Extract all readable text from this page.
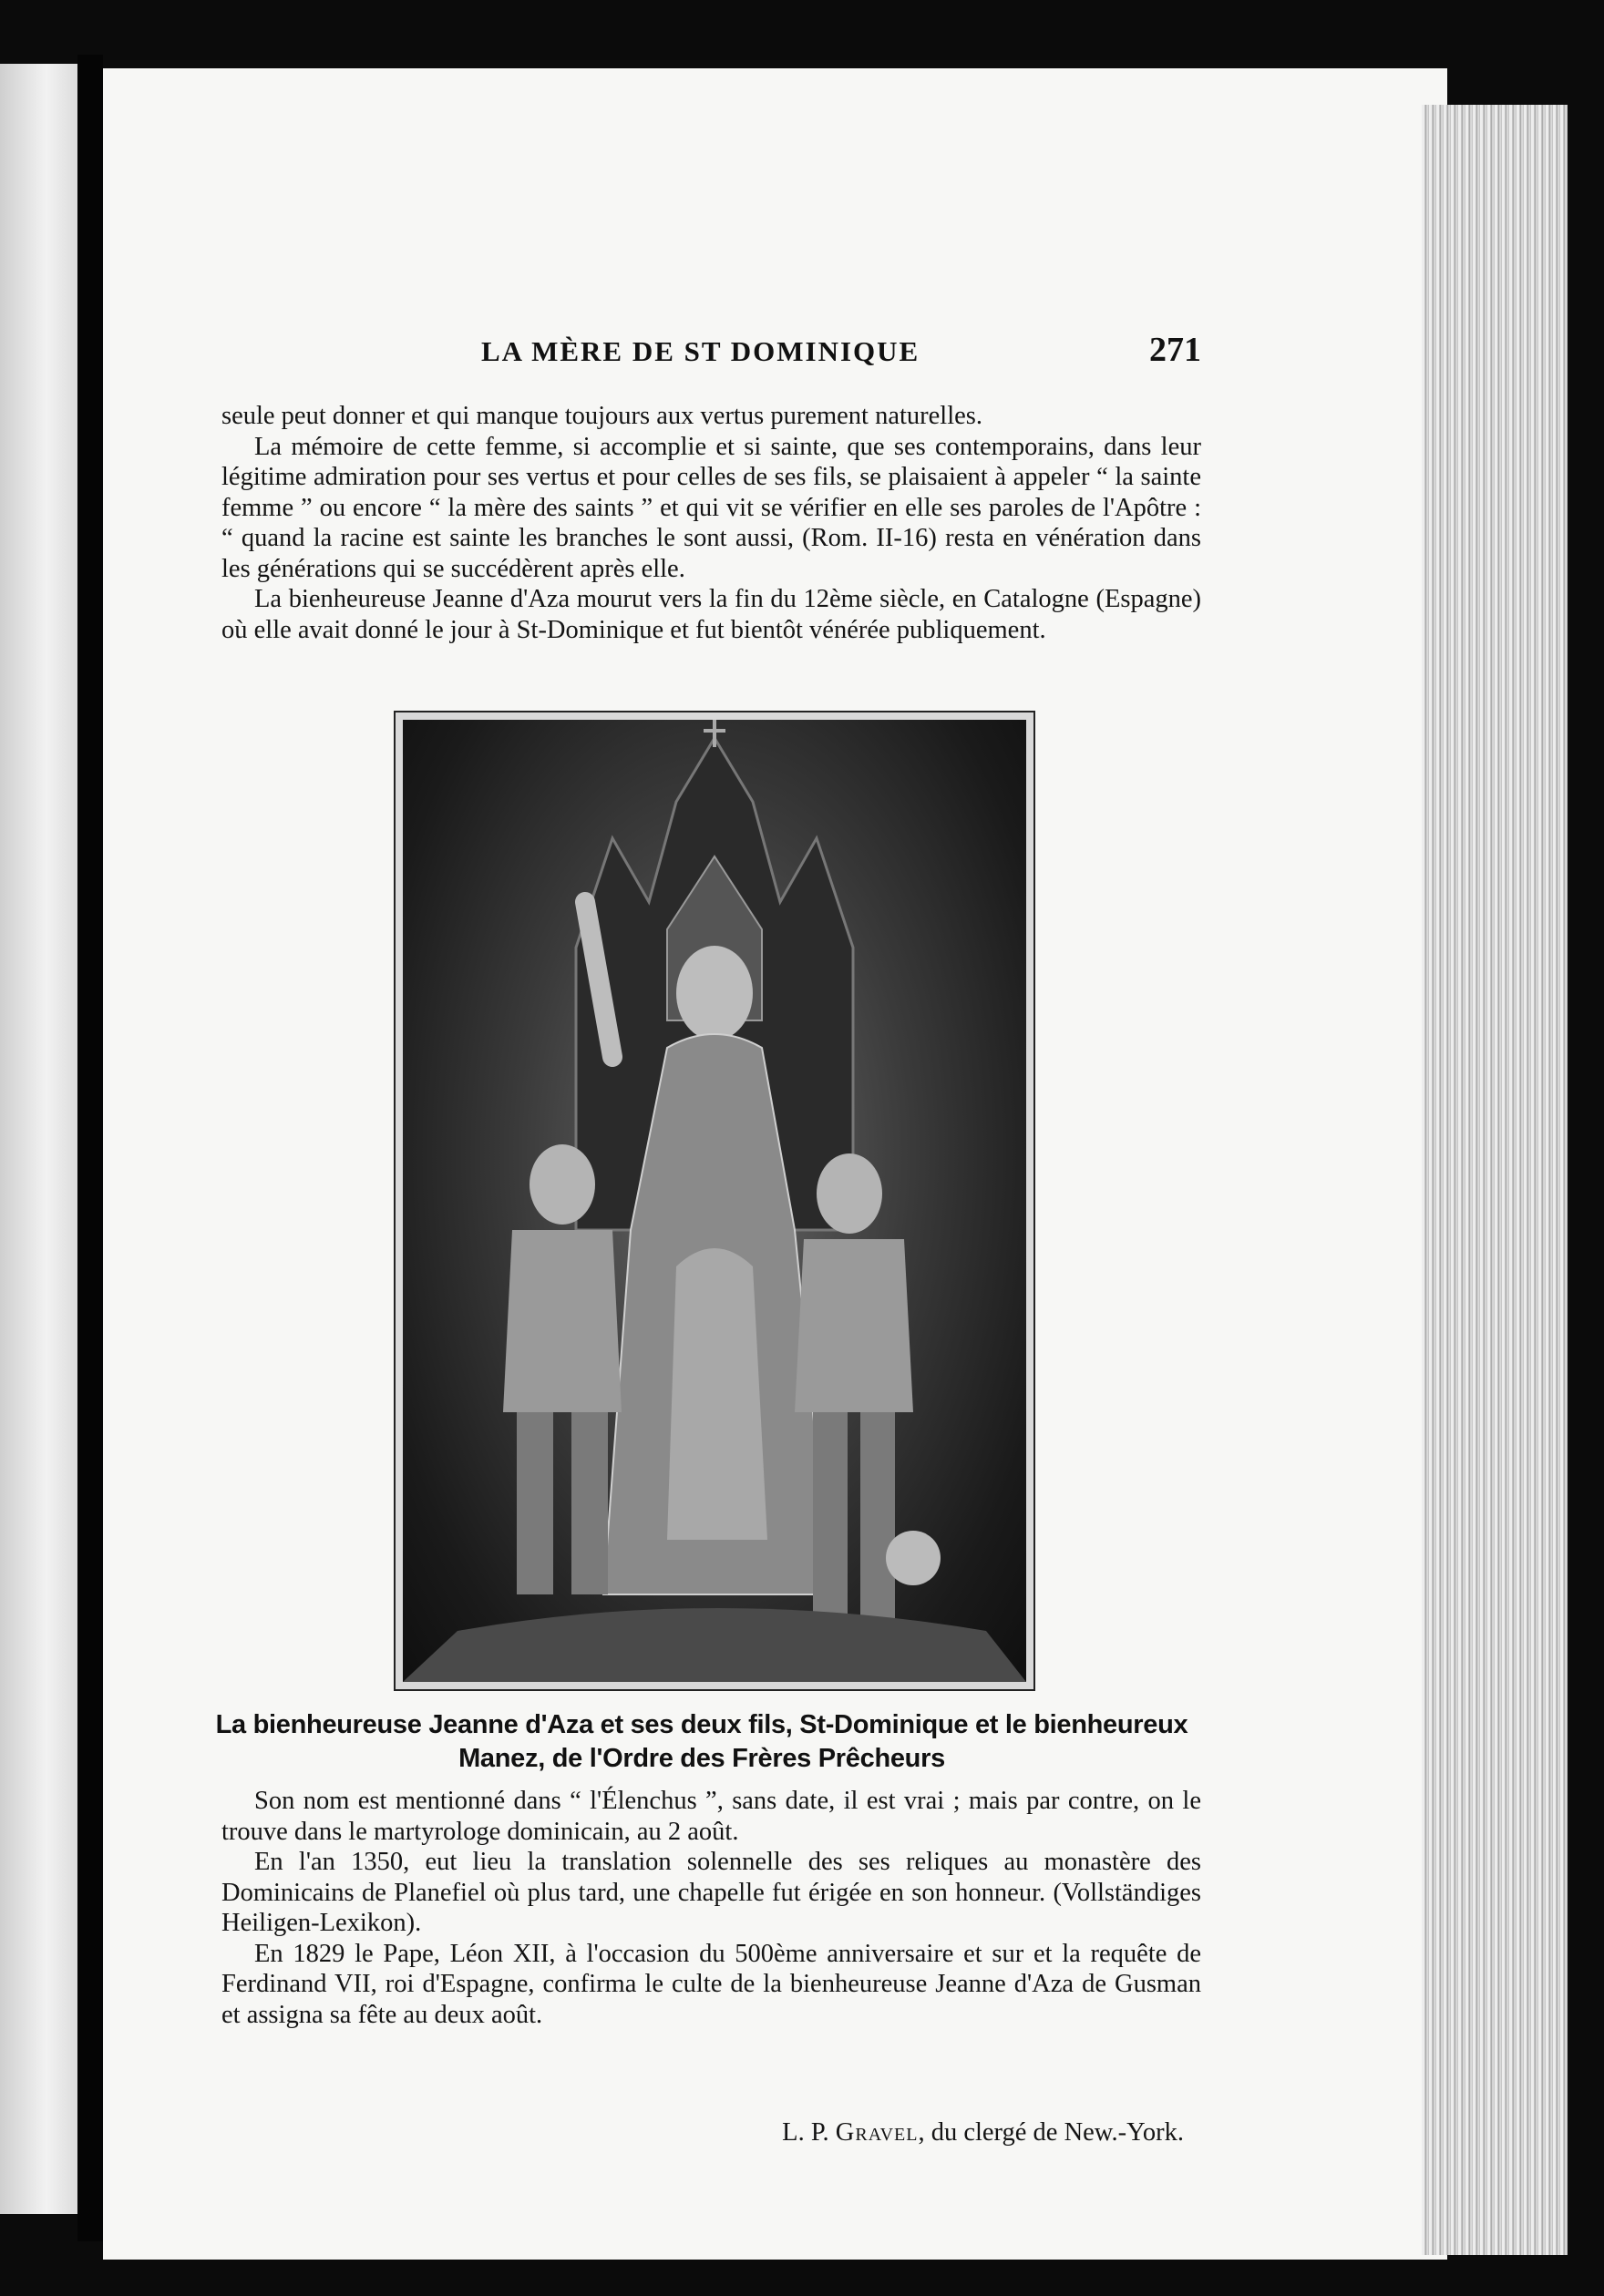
LA MÈRE DE ST DOMINIQUE	271

seule peut donner et qui manque toujours aux vertus purement naturelles.

La mémoire de cette femme, si accomplie et si sainte, que ses contemporains, dans leur légitime admiration pour ses vertus et pour celles de ses fils, se plaisaient à appeler “ la sainte femme ” ou encore “ la mère des saints ” et qui vit se vérifier en elle ses paroles de l'Apôtre : “ quand la racine est sainte les branches le sont aussi, (Rom. II-16) resta en vénération dans les générations qui se succédèrent après elle.

La bienheureuse Jeanne d'Aza mourut vers la fin du 12ème siècle, en Catalogne (Espagne) où elle avait donné le jour à St-Dominique et fut bientôt vénérée publiquement.

La bienheureuse Jeanne d'Aza et ses deux fils, St-Dominique et le bienheureux Manez, de l'Ordre des Frères Prêcheurs

Son nom est mentionné dans “ l'Élenchus ”, sans date, il est vrai ; mais par contre, on le trouve dans le martyrologe dominicain, au 2 août.

En l'an 1350, eut lieu la translation solennelle des ses reliques au monastère des Dominicains de Planefiel où plus tard, une chapelle fut érigée en son honneur. (Vollständiges Heiligen-Lexikon).

En 1829 le Pape, Léon XII, à l'occasion du 500ème anniversaire et sur et la requête de Ferdinand VII, roi d'Espagne, confirma le culte de la bienheureuse Jeanne d'Aza de Gusman et assigna sa fête au deux août.

L. P. Gravel, du clergé de New.-York.
